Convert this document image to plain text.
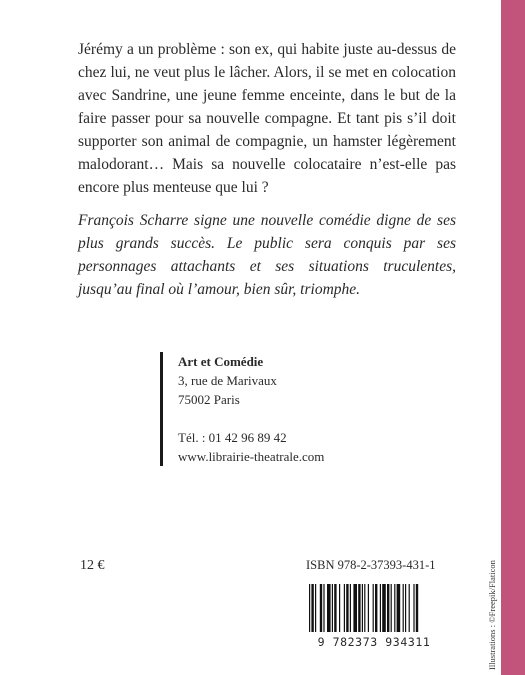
Jérémy a un problème : son ex, qui habite juste au-dessus de chez lui, ne veut plus le lâcher. Alors, il se met en colocation avec Sandrine, une jeune femme enceinte, dans le but de la faire passer pour sa nouvelle compagne. Et tant pis s’il doit supporter son animal de compagnie, un hamster légèrement malodorant… Mais sa nouvelle colocataire n’est-elle pas encore plus menteuse que lui ?

François Scharre signe une nouvelle comédie digne de ses plus grands succès. Le public sera conquis par ses personnages attachants et ses situations truculentes, jusqu’au final où l’amour, bien sûr, triomphe.

Art et Comédie
3, rue de Marivaux
75002 Paris
Tél. : 01 42 96 89 42
www.librairie-theatrale.com
12 €	ISBN 978-2-37393-431-1
9 782373 934311	Illustrations : ©Freepik/Flaticon
